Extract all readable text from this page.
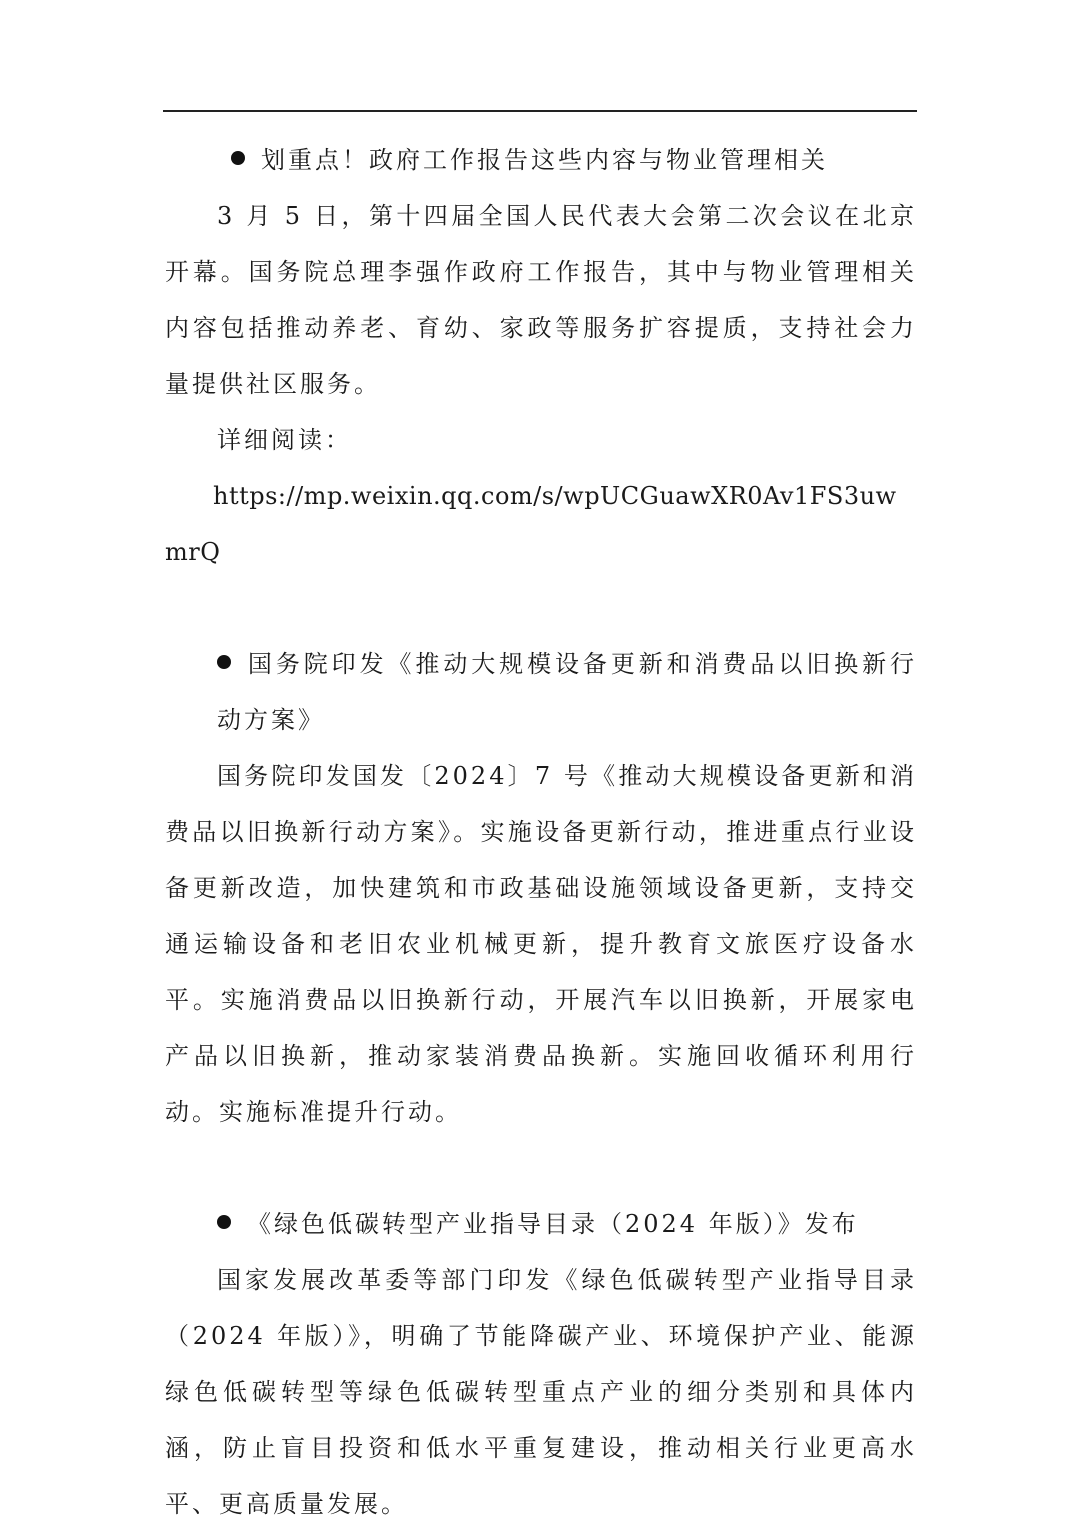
划重点！政府工作报告这些内容与物业管理相关
3 月 5 日，第十四届全国人民代表大会第二次会议在北京开幕。国务院总理李强作政府工作报告，其中与物业管理相关内容包括推动养老、育幼、家政等服务扩容提质，支持社会力量提供社区服务。
详细阅读：
https://mp.weixin.qq.com/s/wpUCGuawXR0Av1FS3uwmrQ
国务院印发《推动大规模设备更新和消费品以旧换新行动方案》
国务院印发国发〔2024〕7 号《推动大规模设备更新和消费品以旧换新行动方案》。实施设备更新行动，推进重点行业设备更新改造，加快建筑和市政基础设施领域设备更新，支持交通运输设备和老旧农业机械更新，提升教育文旅医疗设备水平。实施消费品以旧换新行动，开展汽车以旧换新，开展家电产品以旧换新，推动家装消费品换新。实施回收循环利用行动。实施标准提升行动。
《绿色低碳转型产业指导目录（2024 年版）》发布
国家发展改革委等部门印发《绿色低碳转型产业指导目录（2024 年版）》，明确了节能降碳产业、环境保护产业、能源绿色低碳转型等绿色低碳转型重点产业的细分类别和具体内涵，防止盲目投资和低水平重复建设，推动相关行业更高水平、更高质量发展。
